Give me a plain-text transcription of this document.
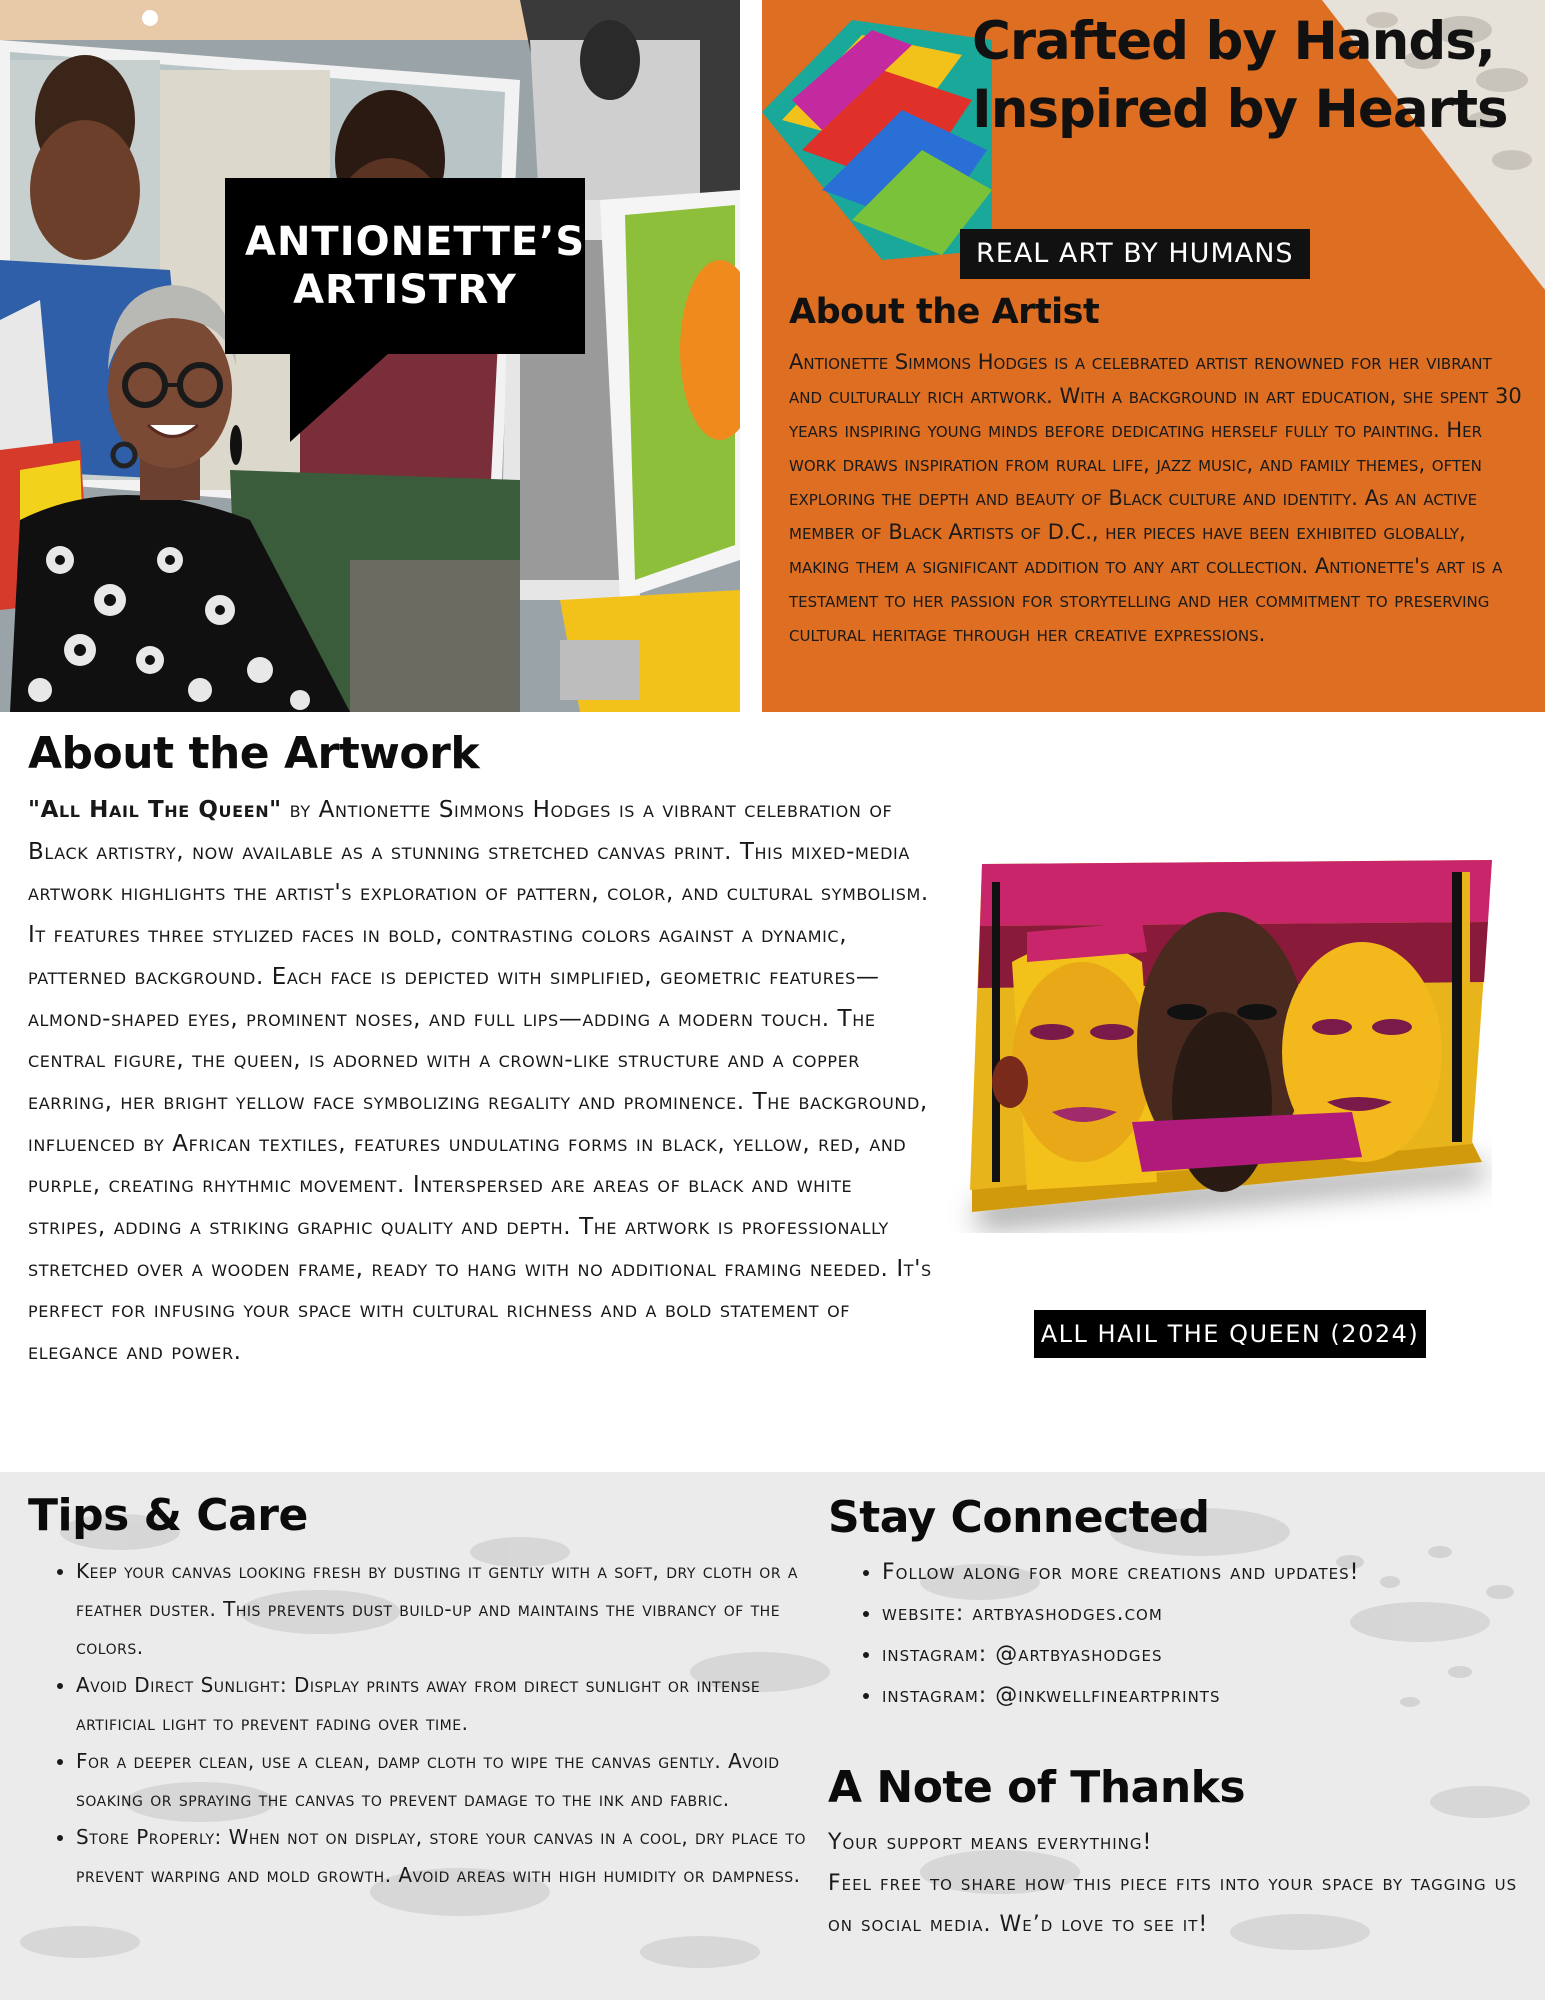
ANTIONETTE’S
ARTISTRY
Crafted by Hands, Inspired by Hearts
REAL ART BY HUMANS
About the Artist
Antionette Simmons Hodges is a celebrated artist renowned for her vibrant and culturally rich artwork. With a background in art education, she spent 30 years inspiring young minds before dedicating herself fully to painting. Her work draws inspiration from rural life, jazz music, and family themes, often exploring the depth and beauty of Black culture and identity. As an active member of Black Artists of D.C., her pieces have been exhibited globally, making them a significant addition to any art collection. Antionette's art is a testament to her passion for storytelling and her commitment to preserving cultural heritage through her creative expressions.
About the Artwork
"All Hail The Queen" by Antionette Simmons Hodges is a vibrant celebration of Black artistry, now available as a stunning stretched canvas print. This mixed-media artwork highlights the artist's exploration of pattern, color, and cultural symbolism. It features three stylized faces in bold, contrasting colors against a dynamic, patterned background. Each face is depicted with simplified, geometric features—almond-shaped eyes, prominent noses, and full lips—adding a modern touch. The central figure, the queen, is adorned with a crown-like structure and a copper earring, her bright yellow face symbolizing regality and prominence. The background, influenced by African textiles, features undulating forms in black, yellow, red, and purple, creating rhythmic movement. Interspersed are areas of black and white stripes, adding a striking graphic quality and depth. The artwork is professionally stretched over a wooden frame, ready to hang with no additional framing needed. It's perfect for infusing your space with cultural richness and a bold statement of elegance and power.
ALL HAIL THE QUEEN (2024)
Tips & Care
• Keep your canvas looking fresh by dusting it gently with a soft, dry cloth or a feather duster. This prevents dust build-up and maintains the vibrancy of the colors.
• Avoid Direct Sunlight: Display prints away from direct sunlight or intense artificial light to prevent fading over time.
• For a deeper clean, use a clean, damp cloth to wipe the canvas gently. Avoid soaking or spraying the canvas to prevent damage to the ink and fabric.
• Store Properly: When not on display, store your canvas in a cool, dry place to prevent warping and mold growth. Avoid areas with high humidity or dampness.
Stay Connected
• Follow along for more creations and updates!
• website: artbyashodges.com
• instagram: @artbyashodges
• instagram: @inkwellfineartprints
A Note of Thanks
Your support means everything!
Feel free to share how this piece fits into your space by tagging us on social media. We’d love to see it!
